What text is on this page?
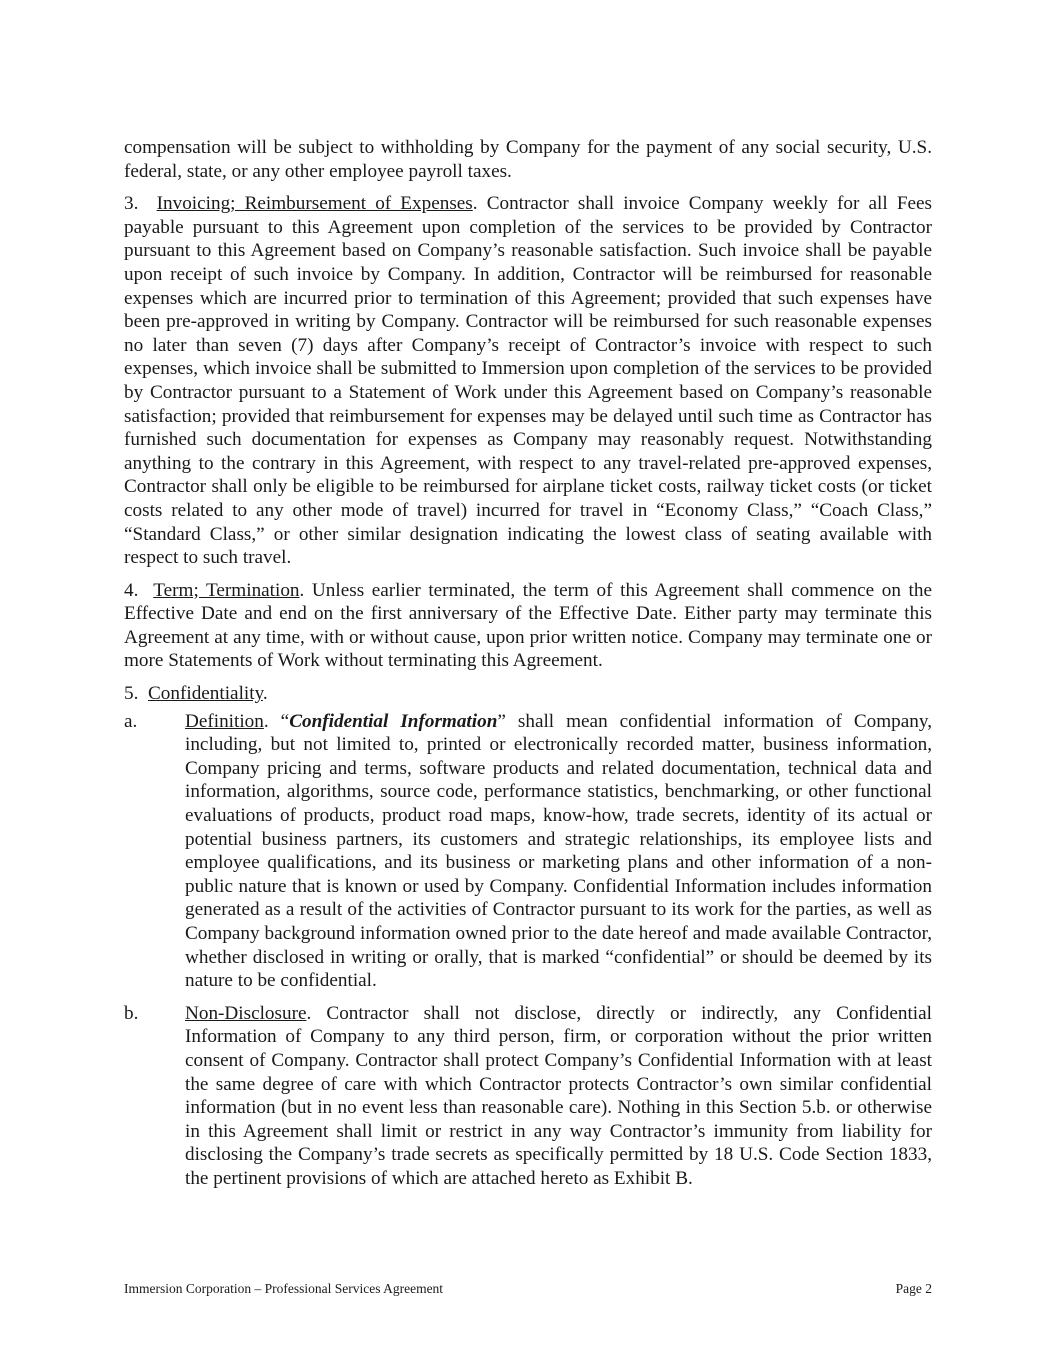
compensation will be subject to withholding by Company for the payment of any social security, U.S. federal, state, or any other employee payroll taxes.

3. Invoicing; Reimbursement of Expenses. Contractor shall invoice Company weekly for all Fees payable pursuant to this Agreement upon completion of the services to be provided by Contractor pursuant to this Agreement based on Company’s reasonable satisfaction. Such invoice shall be payable upon receipt of such invoice by Company. In addition, Contractor will be reimbursed for reasonable expenses which are incurred prior to termination of this Agreement; provided that such expenses have been pre-approved in writing by Company. Contractor will be reimbursed for such reasonable expenses no later than seven (7) days after Company’s receipt of Contractor’s invoice with respect to such expenses, which invoice shall be submitted to Immersion upon completion of the services to be provided by Contractor pursuant to a Statement of Work under this Agreement based on Company’s reasonable satisfaction; provided that reimbursement for expenses may be delayed until such time as Contractor has furnished such documentation for expenses as Company may reasonably request. Notwithstanding anything to the contrary in this Agreement, with respect to any travel-related pre-approved expenses, Contractor shall only be eligible to be reimbursed for airplane ticket costs, railway ticket costs (or ticket costs related to any other mode of travel) incurred for travel in “Economy Class,” “Coach Class,” “Standard Class,” or other similar designation indicating the lowest class of seating available with respect to such travel.

4. Term; Termination. Unless earlier terminated, the term of this Agreement shall commence on the Effective Date and end on the first anniversary of the Effective Date. Either party may terminate this Agreement at any time, with or without cause, upon prior written notice. Company may terminate one or more Statements of Work without terminating this Agreement.

5. Confidentiality.

a. Definition. “Confidential Information” shall mean confidential information of Company, including, but not limited to, printed or electronically recorded matter, business information, Company pricing and terms, software products and related documentation, technical data and information, algorithms, source code, performance statistics, benchmarking, or other functional evaluations of products, product road maps, know-how, trade secrets, identity of its actual or potential business partners, its customers and strategic relationships, its employee lists and employee qualifications, and its business or marketing plans and other information of a non-public nature that is known or used by Company. Confidential Information includes information generated as a result of the activities of Contractor pursuant to its work for the parties, as well as Company background information owned prior to the date hereof and made available Contractor, whether disclosed in writing or orally, that is marked “confidential” or should be deemed by its nature to be confidential.

b. Non-Disclosure. Contractor shall not disclose, directly or indirectly, any Confidential Information of Company to any third person, firm, or corporation without the prior written consent of Company. Contractor shall protect Company’s Confidential Information with at least the same degree of care with which Contractor protects Contractor’s own similar confidential information (but in no event less than reasonable care). Nothing in this Section 5.b. or otherwise in this Agreement shall limit or restrict in any way Contractor’s immunity from liability for disclosing the Company’s trade secrets as specifically permitted by 18 U.S. Code Section 1833, the pertinent provisions of which are attached hereto as Exhibit B.

Immersion Corporation – Professional Services Agreement	Page 2
